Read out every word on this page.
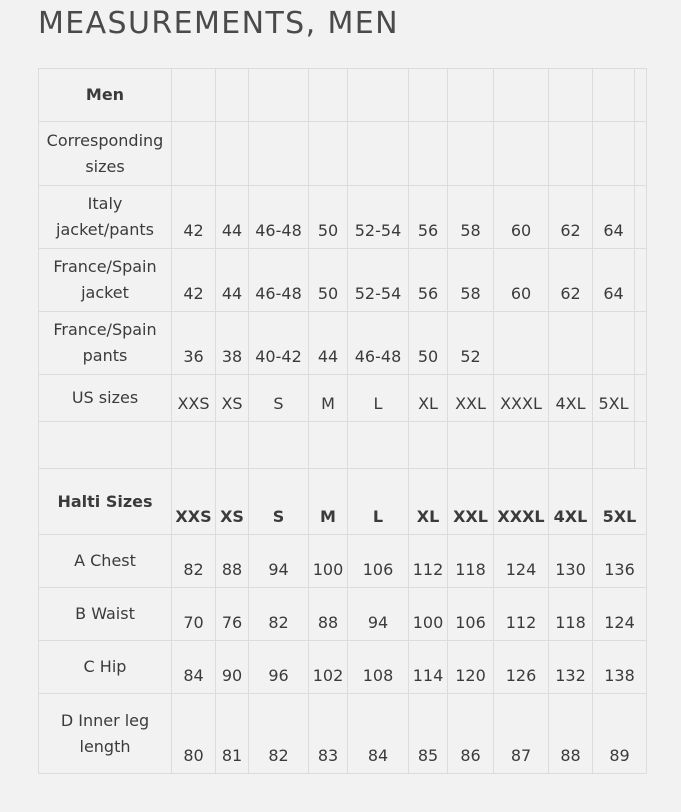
MEASUREMENTS, MEN
Men											
Corresponding sizes											
Italy jacket/pants	42	44	46-48	50	52-54	56	58	60	62	64	
France/Spain jacket	42	44	46-48	50	52-54	56	58	60	62	64	
France/Spain pants	36	38	40-42	44	46-48	50	52				
US sizes	XXS	XS	S	M	L	XL	XXL	XXXL	4XL	5XL	

Halti Sizes	XXS	XS	S	M	L	XL	XXL	XXXL	4XL	5XL	
A Chest	82	88	94	100	106	112	118	124	130	136	
B Waist	70	76	82	88	94	100	106	112	118	124	
C Hip	84	90	96	102	108	114	120	126	132	138	
D Inner leg length	80	81	82	83	84	85	86	87	88	89	
